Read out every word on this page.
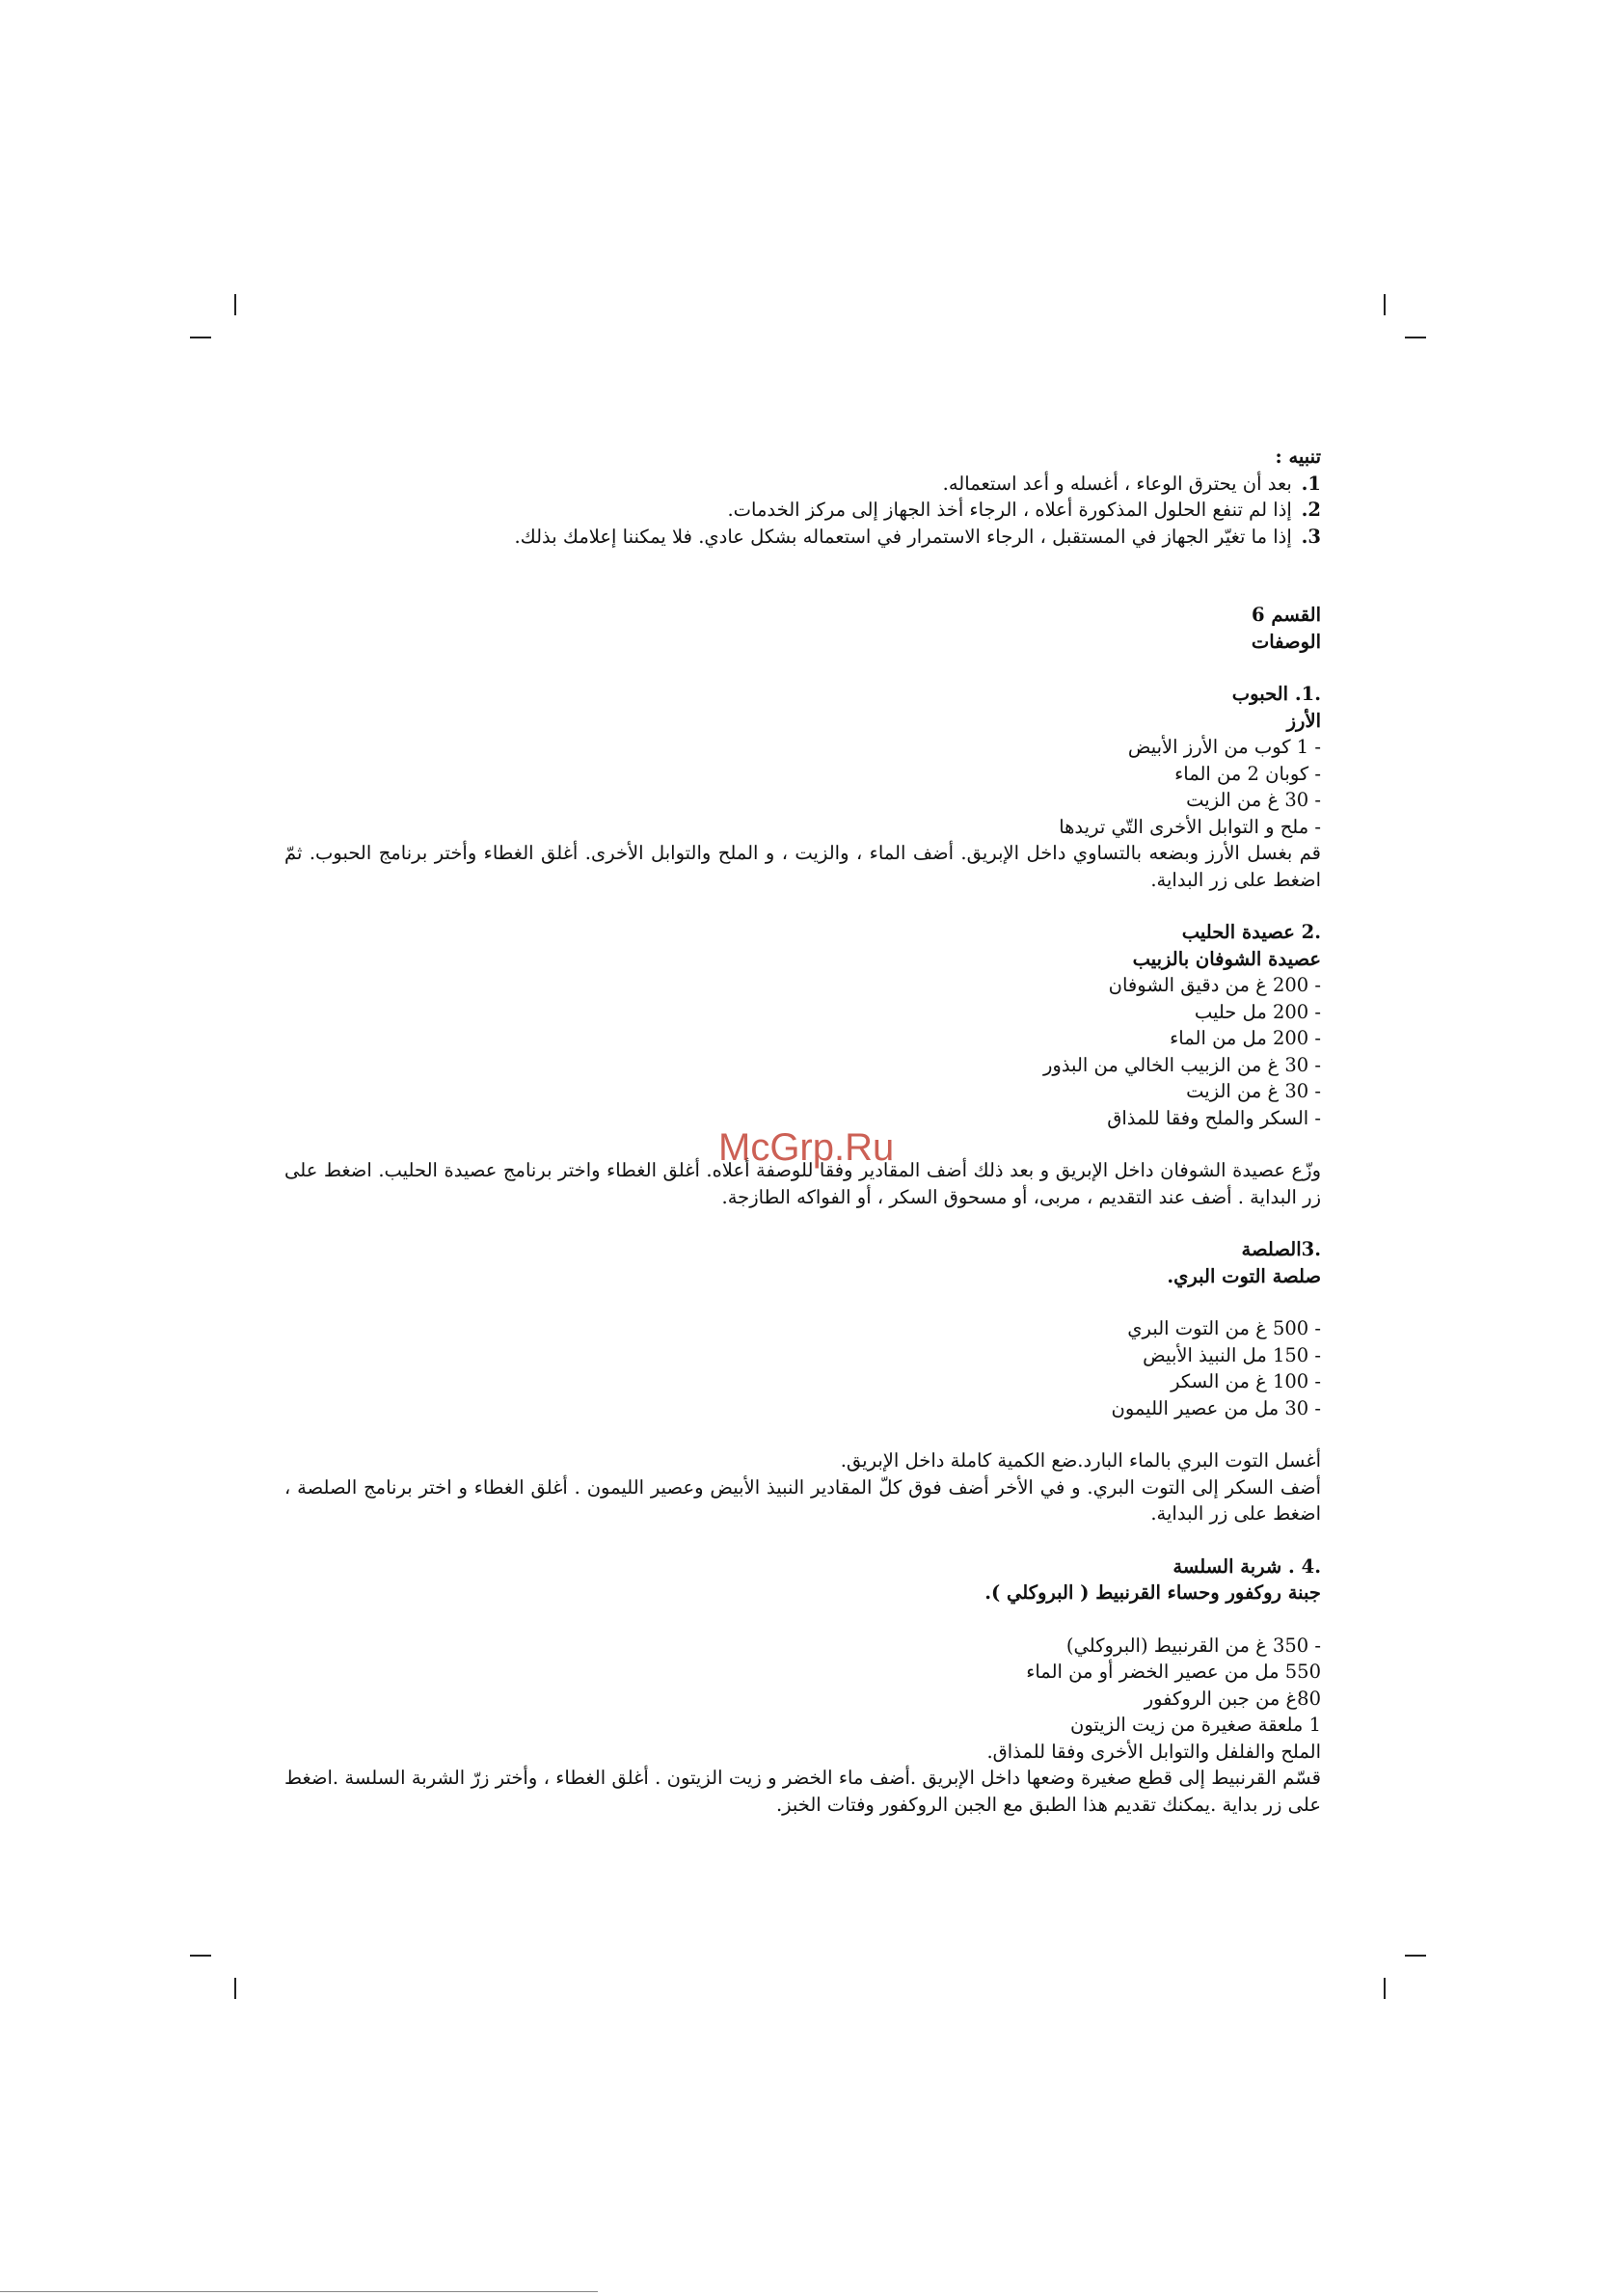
تنبيه :
1. بعد أن يحترق الوعاء ، أغسله و أعد استعماله.
2. إذا لم تنفع الحلول المذكورة أعلاه ، الرجاء أخذ الجهاز إلى مركز الخدمات.
3. إذا ما تغيّر الجهاز في المستقبل ، الرجاء الاستمرار في استعماله بشكل عادي. فلا يمكننا إعلامك بذلك.
القسم 6
الوصفات
.1. الحبوب
الأرز
- 1 كوب من الأرز الأبيض
- كوبان 2 من الماء
- 30 غ من الزيت
- ملح و التوابل الأخرى التّي تريدها
قم بغسل الأرز وبضعه بالتساوي داخل الإبريق. أضف الماء ، والزيت ، و الملح والتوابل الأخرى. أغلق الغطاء وأختر برنامج الحبوب. ثمّ اضغط على زر البداية.
.2 عصيدة الحليب
عصيدة الشوفان بالزبيب
- 200 غ من دقيق الشوفان
- 200 مل حليب
- 200 مل من الماء
- 30 غ من الزبيب الخالي من البذور
- 30 غ من الزيت
- السكر والملح وفقا للمذاق
وزّع عصيدة الشوفان داخل الإبريق و بعد ذلك أضف المقادير وفقا للوصفة أعلاه. أغلق الغطاء واختر برنامج عصيدة الحليب. اضغط على زر البداية . أضف عند التقديم ، مربى، أو مسحوق السكر ، أو الفواكه الطازجة.
.3الصلصة
صلصة التوت البري.
- 500 غ من التوت البري
- 150 مل النبيذ الأبيض
- 100 غ من السكر
- 30 مل من عصير الليمون
أغسل التوت البري بالماء البارد.ضع الكمية كاملة داخل الإبريق.
أضف السكر إلى التوت البري. و في الأخر أضف فوق كلّ المقادير النبيذ الأبيض وعصير الليمون . أغلق الغطاء و اختر برنامج الصلصة ، اضغط على زر البداية.
.4 . شربة السلسة
جبنة روكفور وحساء القرنبيط ( البروكلي ).
- 350 غ من القرنبيط (البروكلي)
550 مل من عصير الخضر أو من الماء
80غ من جبن الروكفور
1 ملعقة صغيرة من زيت الزيتون
الملح والفلفل والتوابل الأخرى وفقا للمذاق.
قسّم القرنبيط إلى قطع صغيرة وضعها داخل الإبريق .أضف ماء الخضر و زيت الزيتون . أغلق الغطاء ، وأختر زرّ الشربة السلسة .اضغط على زر بداية .يمكنك تقديم هذا الطبق مع الجبن الروكفور وفتات الخبز.
McGrp.Ru
